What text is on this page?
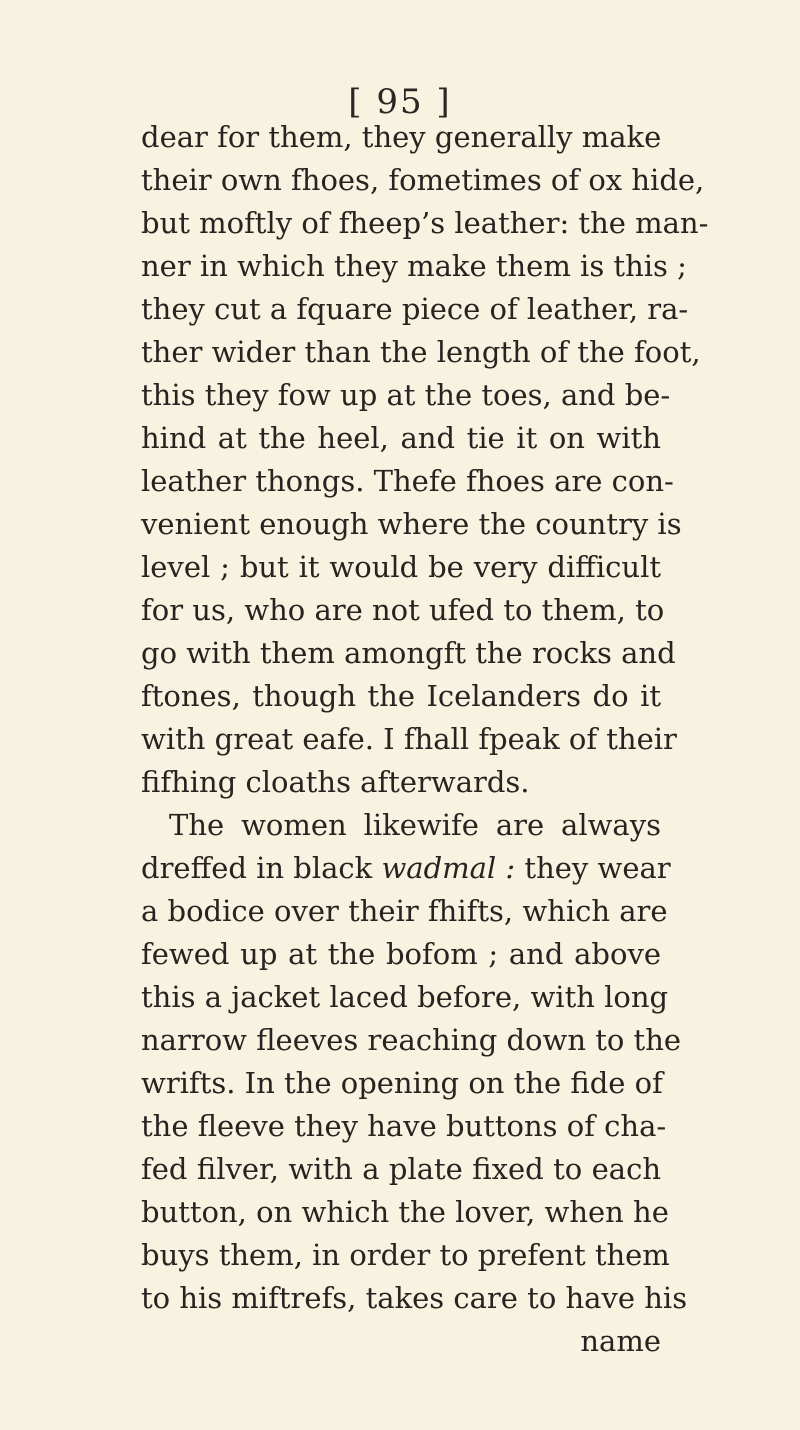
[ 95 ]
dear for them, they generally make
their own fhoes, fometimes of ox hide,
but moftly of fheep’s leather: the man-
ner in which they make them is this ;
they cut a fquare piece of leather, ra-
ther wider than the length of the foot,
this they fow up at the toes, and be-
hind at the heel, and tie it on with
leather thongs. Thefe fhoes are con-
venient enough where the country is
level ; but it would be very difficult
for us, who are not ufed to them, to
go with them amongft the rocks and
ftones, though the Icelanders do it
with great eafe. I fhall fpeak of their
fifhing cloaths afterwards.
The women likewife are always
dreffed in black wadmal : they wear
a bodice over their fhifts, which are
fewed up at the bofom ; and above
this a jacket laced before, with long
narrow fleeves reaching down to the
wrifts. In the opening on the fide of
the fleeve they have buttons of cha-
fed filver, with a plate fixed to each
button, on which the lover, when he
buys them, in order to prefent them
to his miftrefs, takes care to have his
name
